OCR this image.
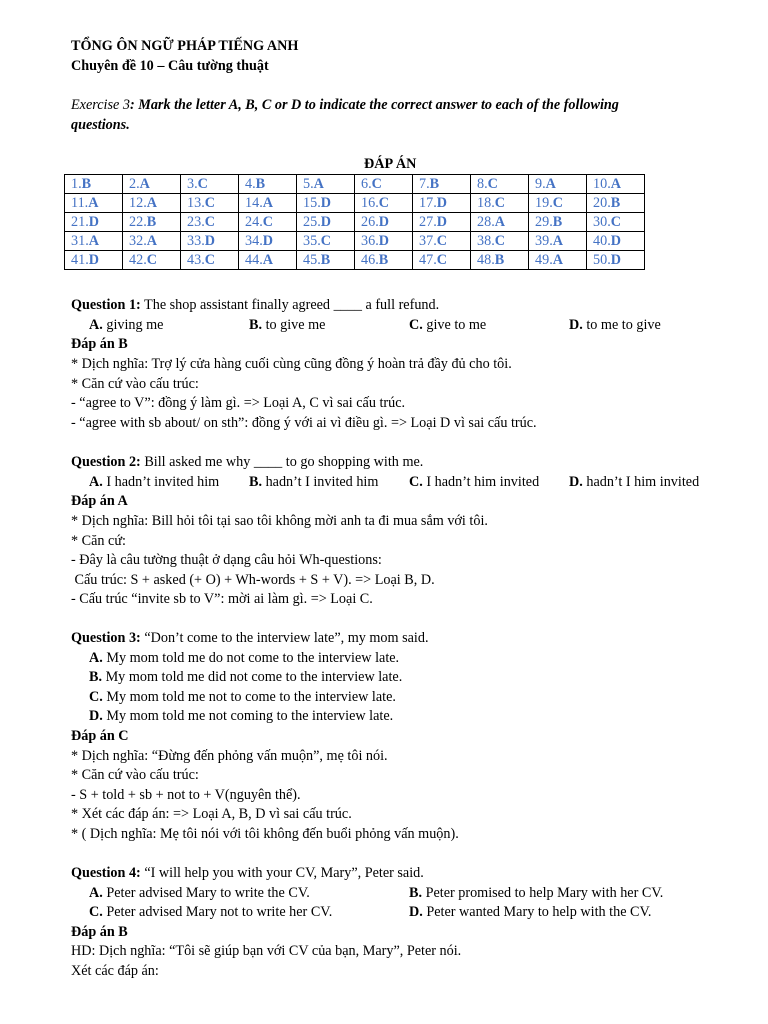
TỔNG ÔN NGỮ PHÁP TIẾNG ANH
Chuyên đề 10 – Câu tường thuật
Exercise 3: Mark the letter A, B, C or D to indicate the correct answer to each of the following
questions.
ĐÁP ÁN
1.B	2.A	3.C	4.B	5.A	6.C	7.B	8.C	9.A	10.A
11.A	12.A	13.C	14.A	15.D	16.C	17.D	18.C	19.C	20.B
21.D	22.B	23.C	24.C	25.D	26.D	27.D	28.A	29.B	30.C
31.A	32.A	33.D	34.D	35.C	36.D	37.C	38.C	39.A	40.D
41.D	42.C	43.C	44.A	45.B	46.B	47.C	48.B	49.A	50.D
Question 1: The shop assistant finally agreed ____ a full refund.
A. giving me	B. to give me	C. give to me	D. to me to give
Đáp án B
* Dịch nghĩa: Trợ lý cửa hàng cuối cùng cũng đồng ý hoàn trả đầy đủ cho tôi.
* Căn cứ vào cấu trúc:
- “agree to V”: đồng ý làm gì. => Loại A, C vì sai cấu trúc.
- “agree with sb about/ on sth”: đồng ý với ai vì điều gì. => Loại D vì sai cấu trúc.
Question 2: Bill asked me why ____ to go shopping with me.
A. I hadn’t invited him B. hadn’t I invited him C. I hadn’t him invited D. hadn’t I him invited
Đáp án A
* Dịch nghĩa: Bill hỏi tôi tại sao tôi không mời anh ta đi mua sắm với tôi.
* Căn cứ:
- Đây là câu tường thuật ở dạng câu hỏi Wh-questions:
Cấu trúc: S + asked (+ O) + Wh-words + S + V). => Loại B, D.
- Cấu trúc “invite sb to V”: mời ai làm gì. => Loại C.
Question 3: “Don’t come to the interview late”, my mom said.
A. My mom told me do not come to the interview late.
B. My mom told me did not come to the interview late.
C. My mom told me not to come to the interview late.
D. My mom told me not coming to the interview late.
Đáp án C
* Dịch nghĩa: “Đừng đến phỏng vấn muộn”, mẹ tôi nói.
* Căn cứ vào cấu trúc:
- S + told + sb + not to + V(nguyên thể).
* Xét các đáp án: => Loại A, B, D vì sai cấu trúc.
* ( Dịch nghĩa: Mẹ tôi nói với tôi không đến buổi phỏng vấn muộn).
Question 4: “I will help you with your CV, Mary”, Peter said.
A. Peter advised Mary to write the CV.	B. Peter promised to help Mary with her CV.
C. Peter advised Mary not to write her CV.	D. Peter wanted Mary to help with the CV.
Đáp án B
HD: Dịch nghĩa: “Tôi sẽ giúp bạn với CV của bạn, Mary”, Peter nói.
Xét các đáp án:
